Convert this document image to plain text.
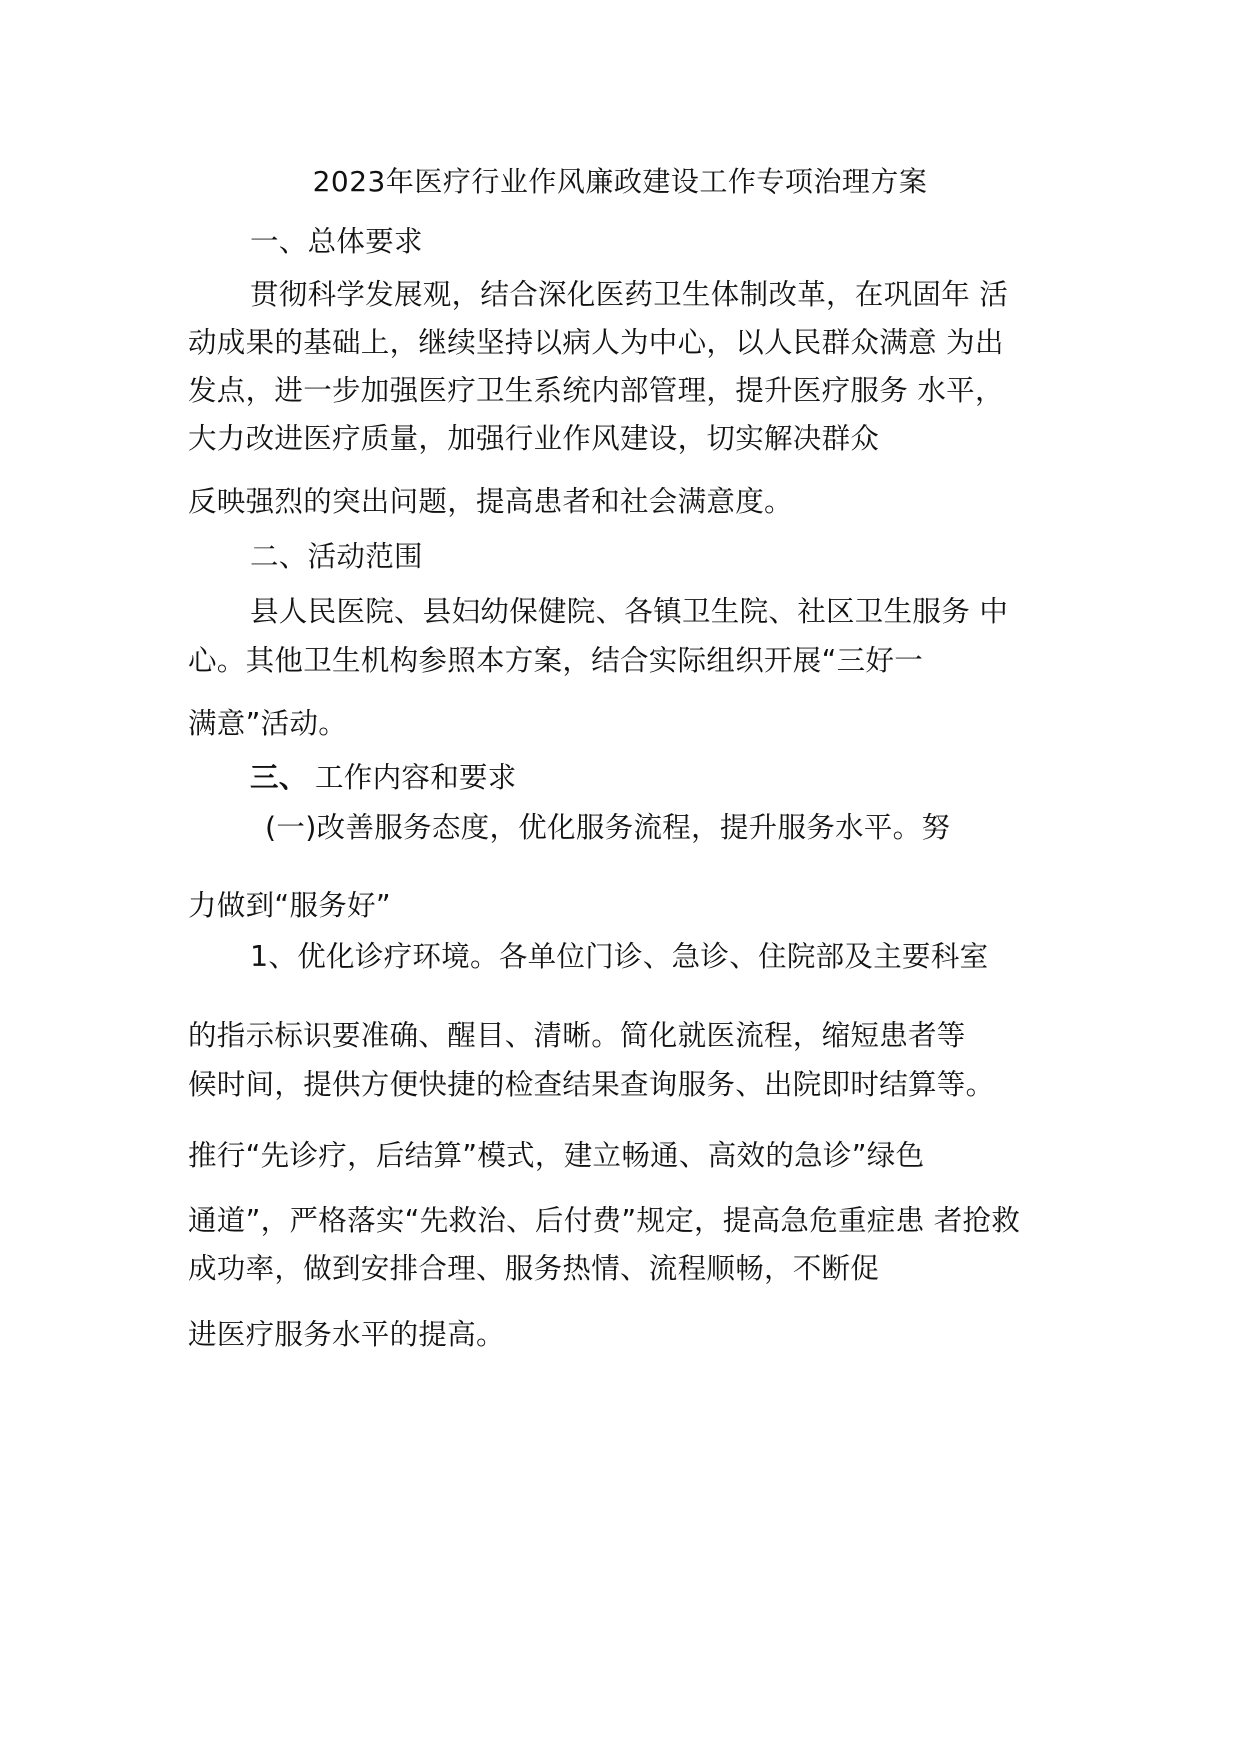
2023年医疗行业作风廉政建设工作专项治理方案
一、总体要求
贯彻科学发展观，结合深化医药卫生体制改革，在巩固年 活
动成果的基础上，继续坚持以病人为中心，以人民群众满意 为出
发点，进一步加强医疗卫生系统内部管理，提升医疗服务 水平，
大力改进医疗质量，加强行业作风建设，切实解决群众
反映强烈的突出问题，提高患者和社会满意度。
二、活动范围
县人民医院、县妇幼保健院、各镇卫生院、社区卫生服务 中
心。其他卫生机构参照本方案，结合实际组织开展“三好一
满意”活动。
三、 工作内容和要求
(一)改善服务态度，优化服务流程，提升服务水平。努
力做到“服务好”
1、优化诊疗环境。各单位门诊、急诊、住院部及主要科室
的指示标识要准确、醒目、清晰。简化就医流程，缩短患者等
候时间，提供方便快捷的检查结果查询服务、出院即时结算等。
推行“先诊疗，后结算”模式，建立畅通、高效的急诊”绿色
通道”，严格落实“先救治、后付费”规定，提高急危重症患 者抢救
成功率，做到安排合理、服务热情、流程顺畅，不断促
进医疗服务水平的提高。
